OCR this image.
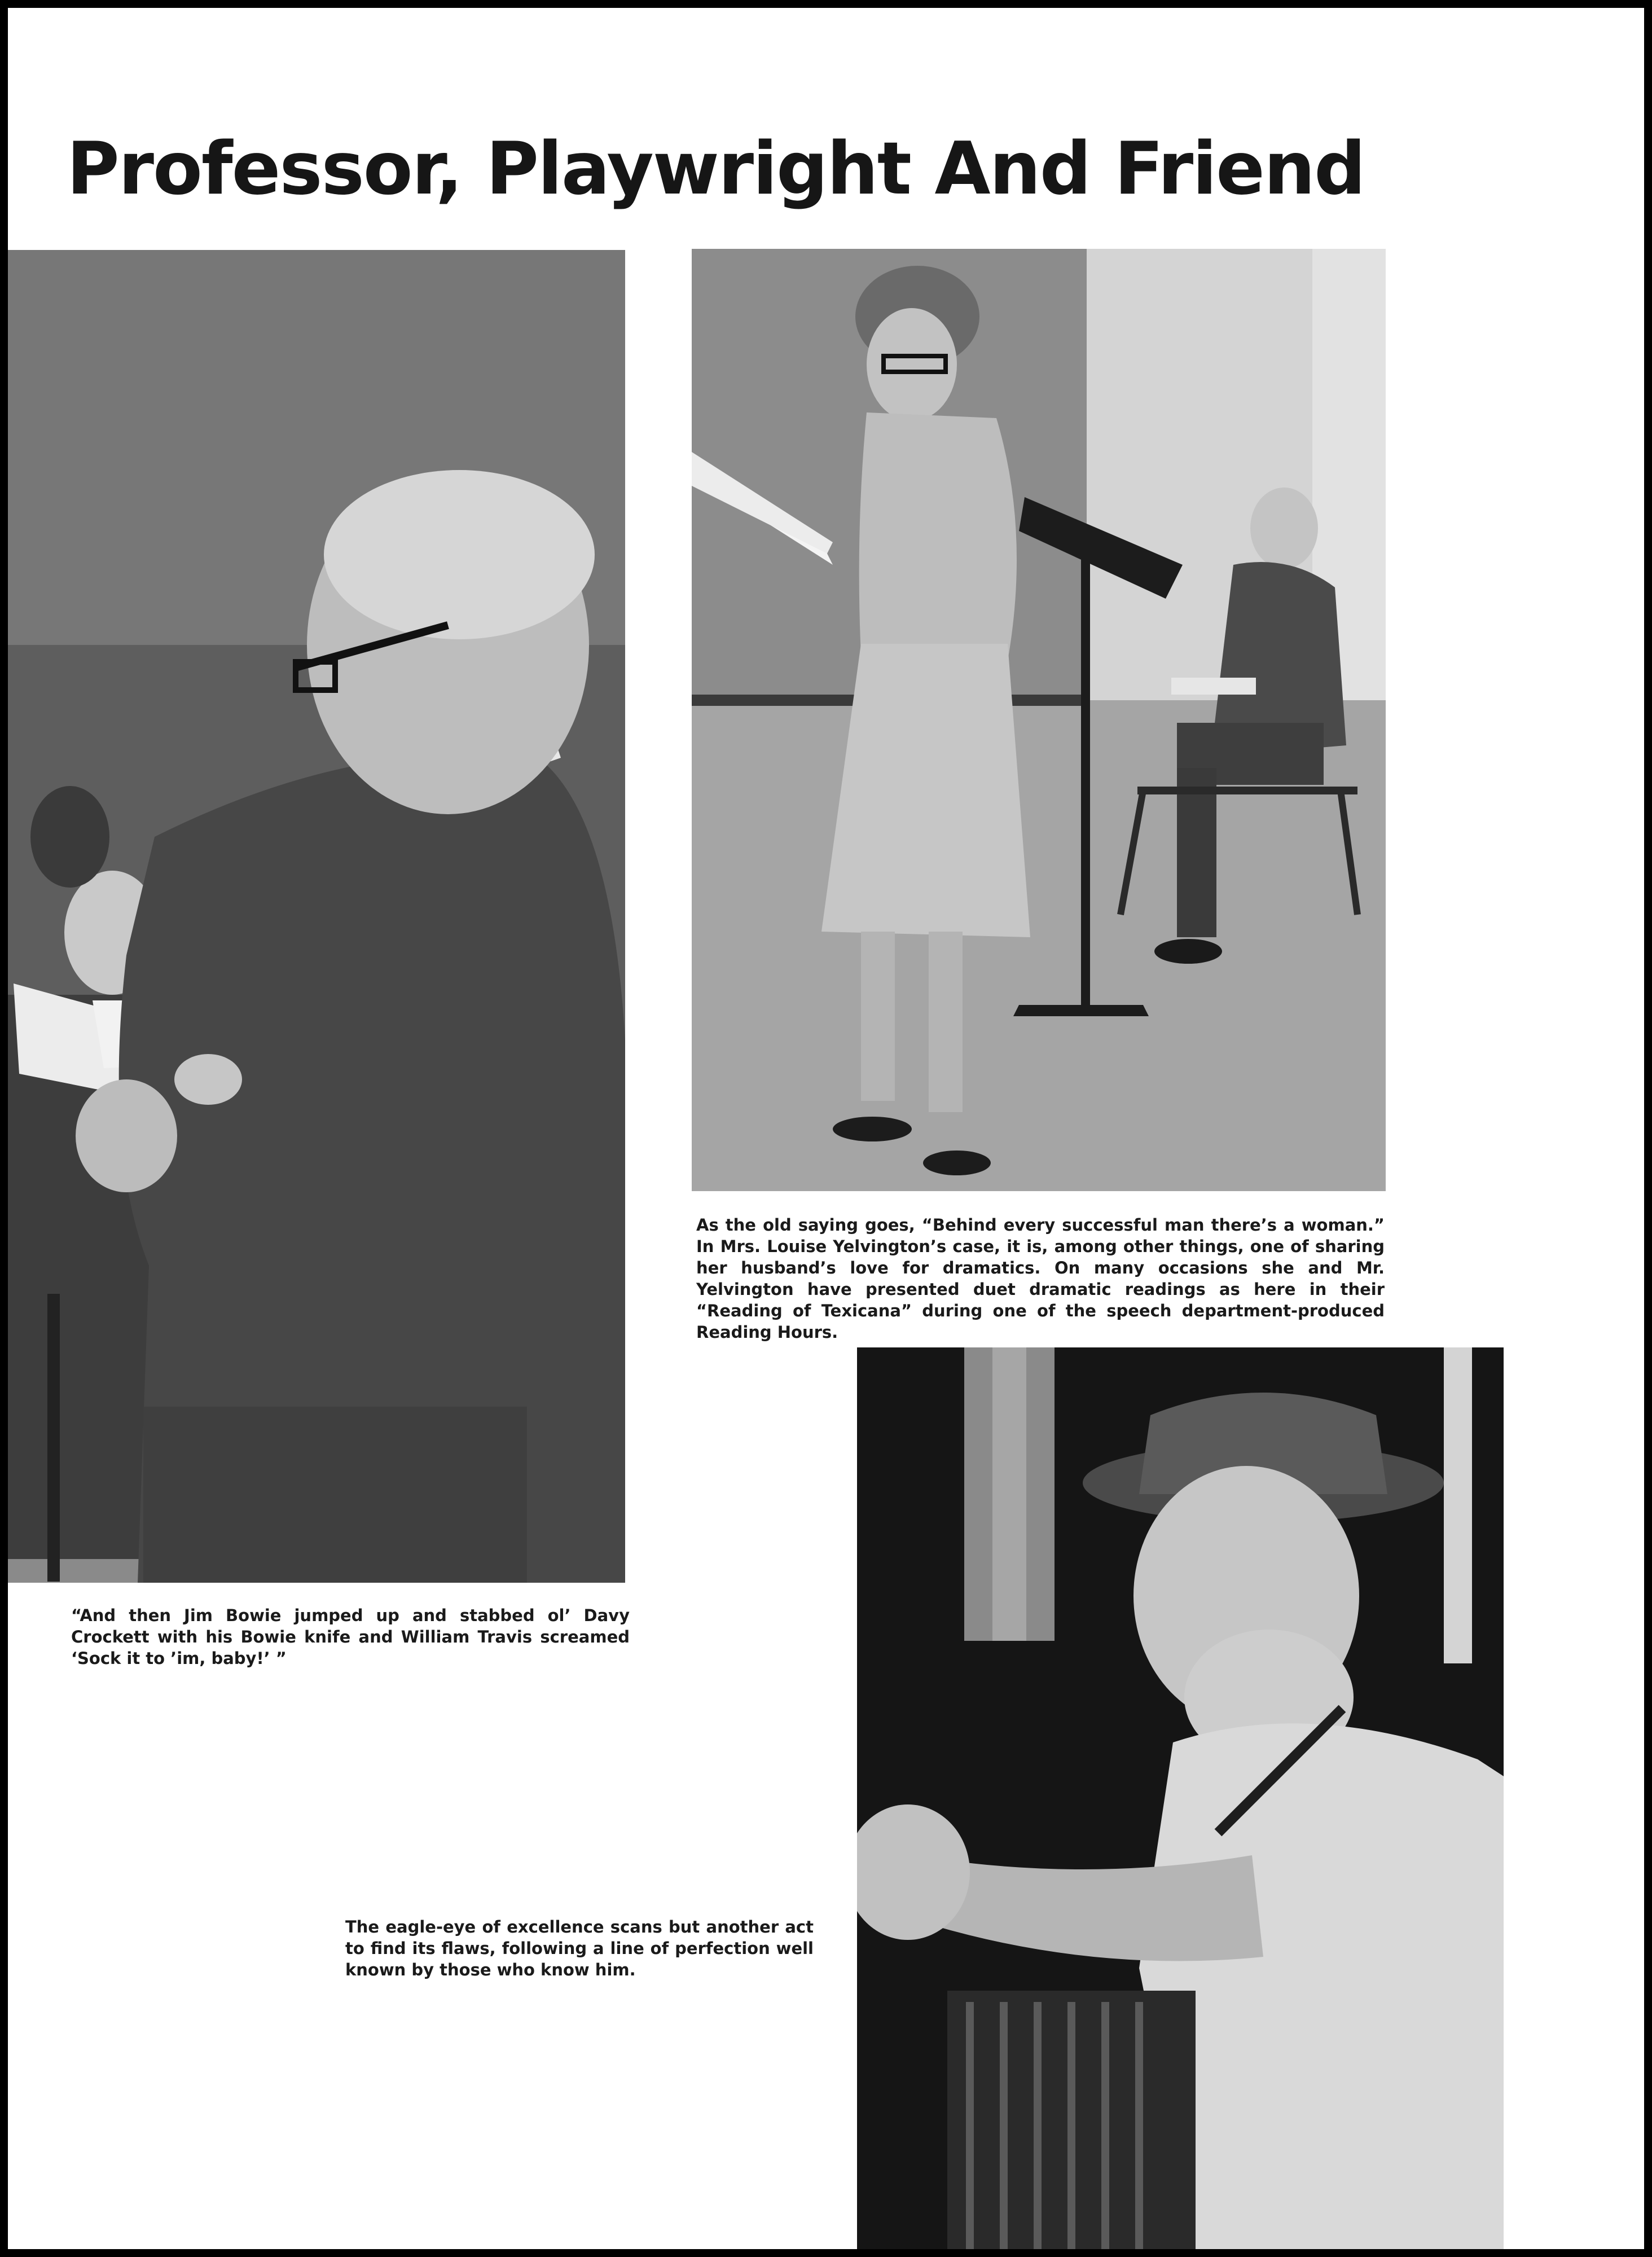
Professor, Playwright And Friend

As the old saying goes, “Behind every successful man there’s a woman.” In Mrs. Louise Yelvington’s case, it is, among other things, one of sharing her husband’s love for dramatics. On many occasions she and Mr. Yelvington have presented duet dramatic readings as here in their “Reading of Texicana” during one of the speech department-produced Reading Hours.

“And then Jim Bowie jumped up and stabbed ol’ Davy Crockett with his Bowie knife and William Travis screamed ‘Sock it to ’im, baby!’ ”

The eagle-eye of excellence scans but another act to find its flaws, following a line of perfection well known by those who know him.
